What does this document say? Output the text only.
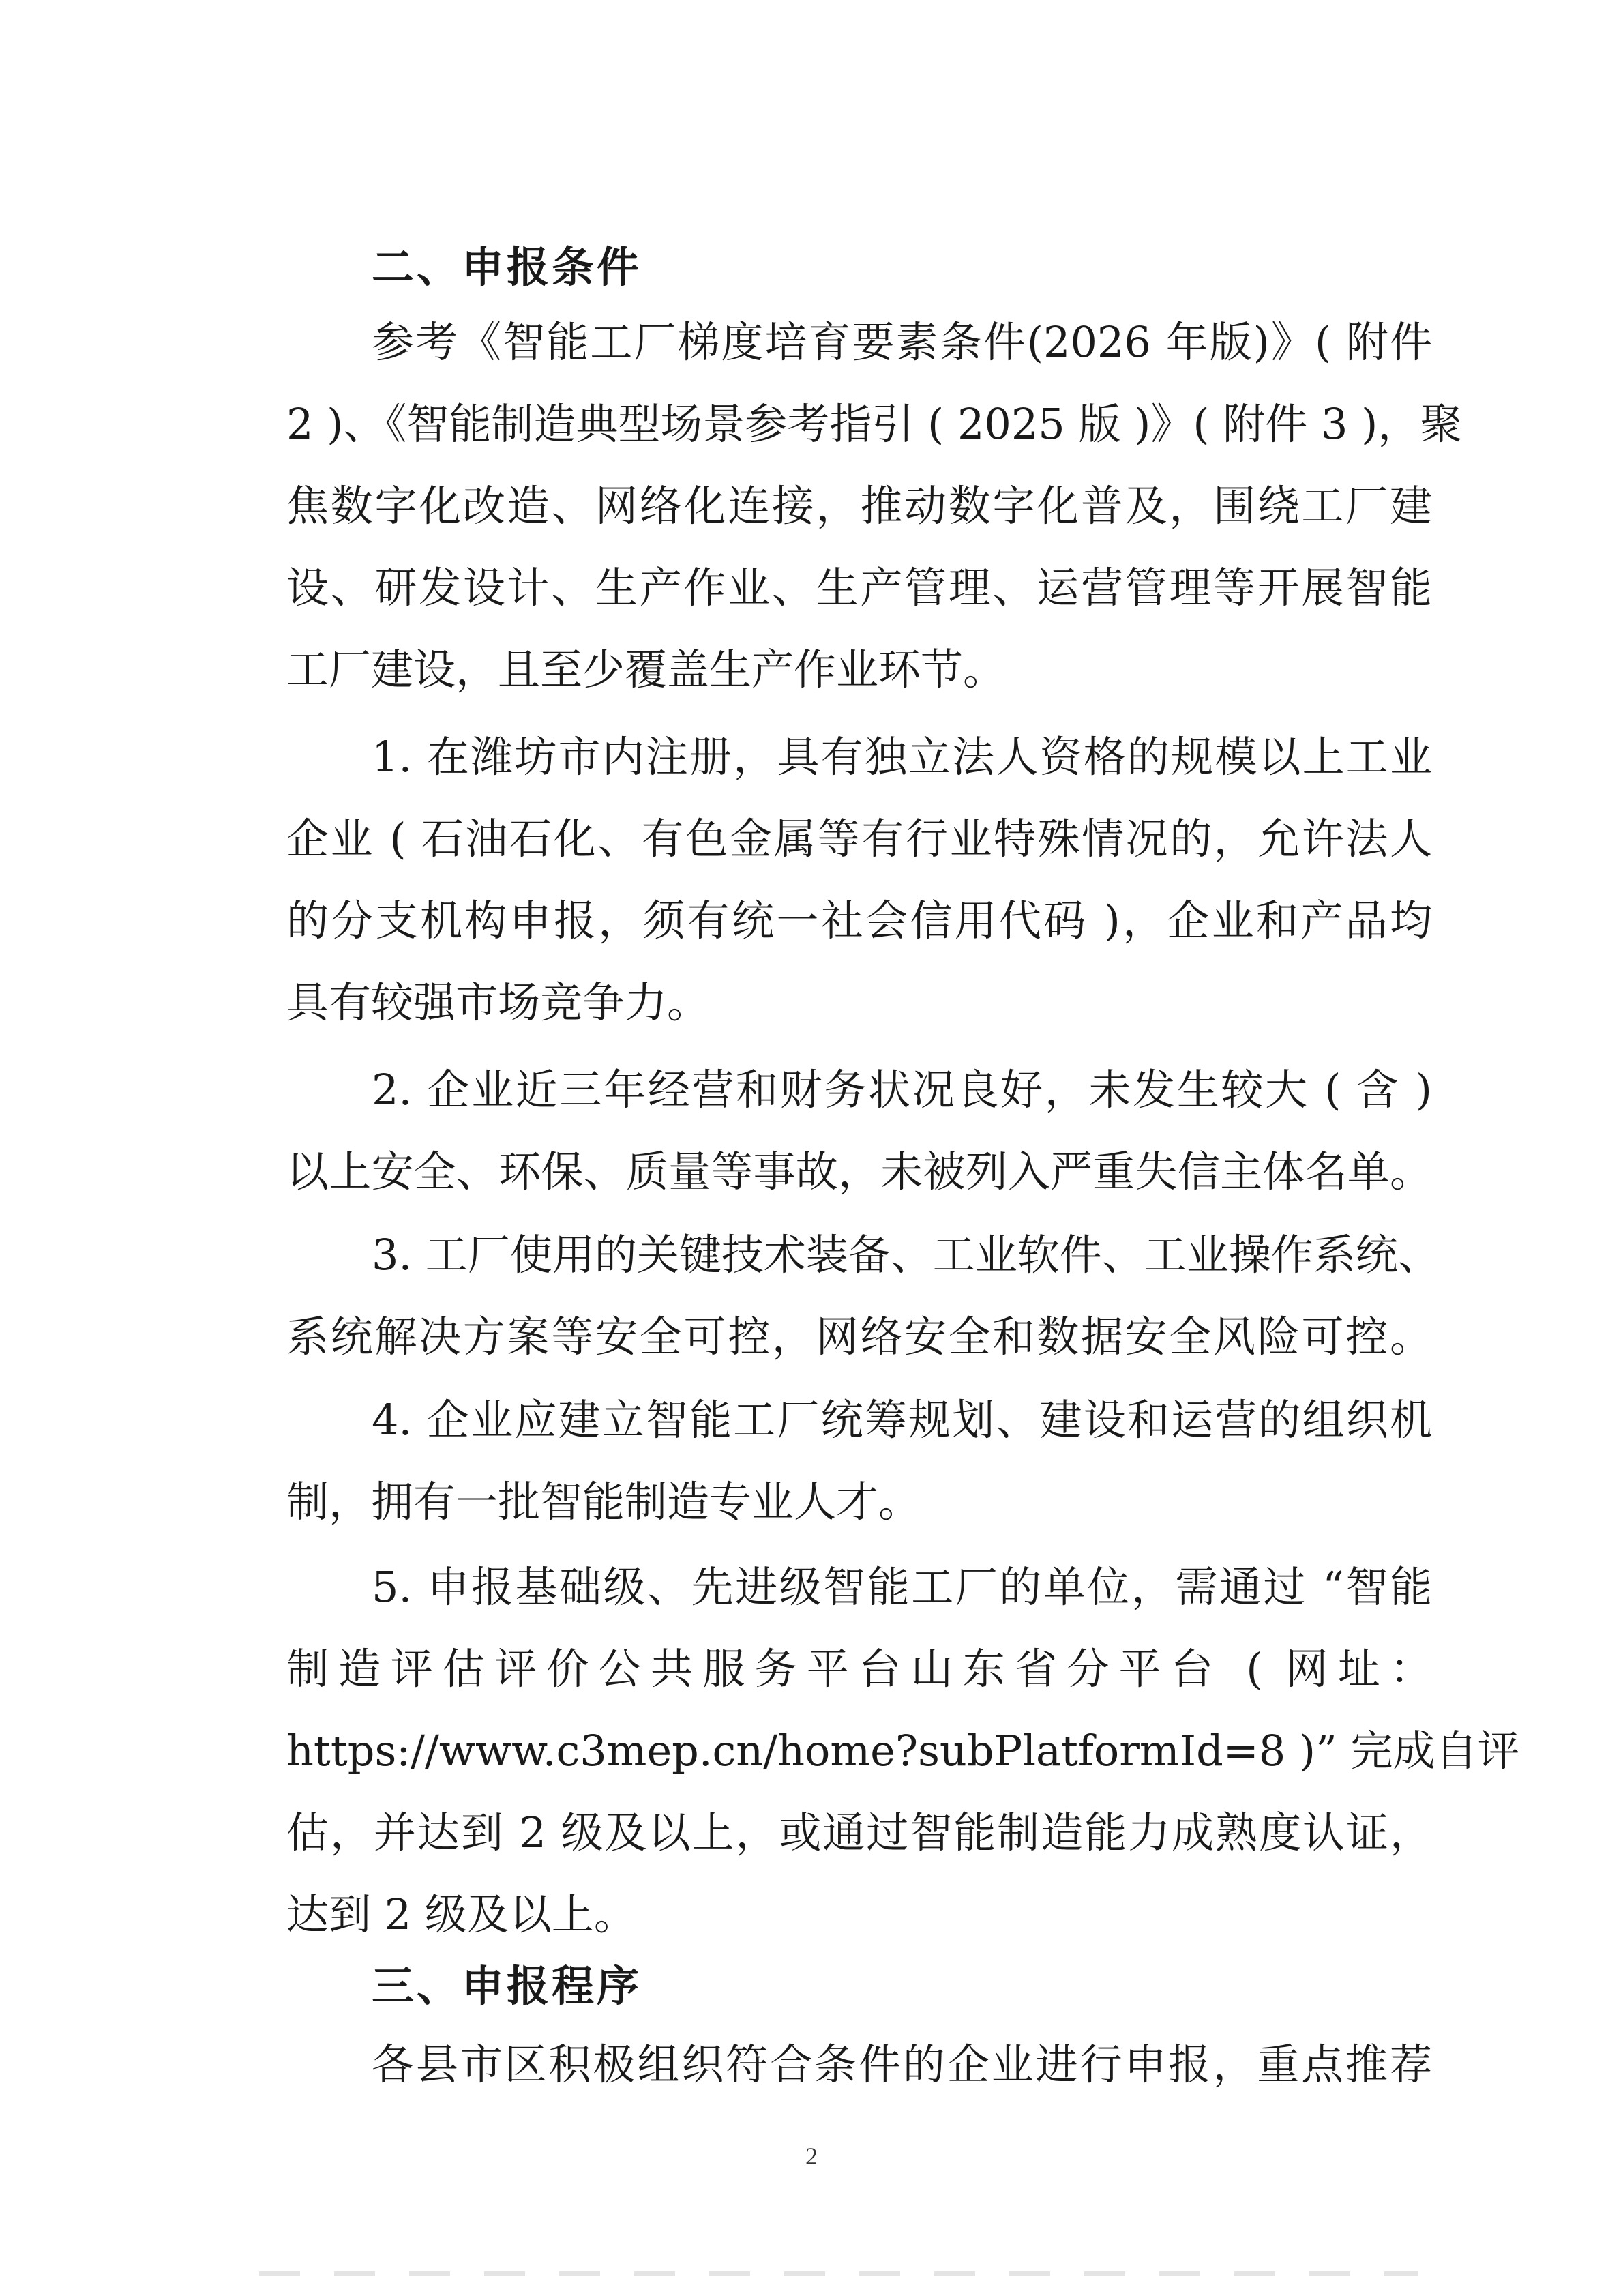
二、申报条件
参考《智能工厂梯度培育要素条件(2026 年版)》( 附件
2 )、《智能制造典型场景参考指引 ( 2025 版 )》( 附件 3 )，聚
焦数字化改造、网络化连接，推动数字化普及，围绕工厂建
设、研发设计、生产作业、生产管理、运营管理等开展智能
工厂建设，且至少覆盖生产作业环节。
1. 在潍坊市内注册，具有独立法人资格的规模以上工业
企业 ( 石油石化、有色金属等有行业特殊情况的，允许法人
的分支机构申报，须有统一社会信用代码 )，企业和产品均
具有较强市场竞争力。
2. 企业近三年经营和财务状况良好，未发生较大 ( 含 )
以上安全、环保、质量等事故，未被列入严重失信主体名单。
3. 工厂使用的关键技术装备、工业软件、工业操作系统、
系统解决方案等安全可控，网络安全和数据安全风险可控。
4. 企业应建立智能工厂统筹规划、建设和运营的组织机
制，拥有一批智能制造专业人才。
5. 申报基础级、先进级智能工厂的单位，需通过 “智能
制造评估评价公共服务平台山东省分平台 ( 网址：
https://www.c3mep.cn/home?subPlatformId=8 )” 完成自评
估，并达到 2 级及以上，或通过智能制造能力成熟度认证，
达到 2 级及以上。
三、申报程序
各县市区积极组织符合条件的企业进行申报，重点推荐
2
